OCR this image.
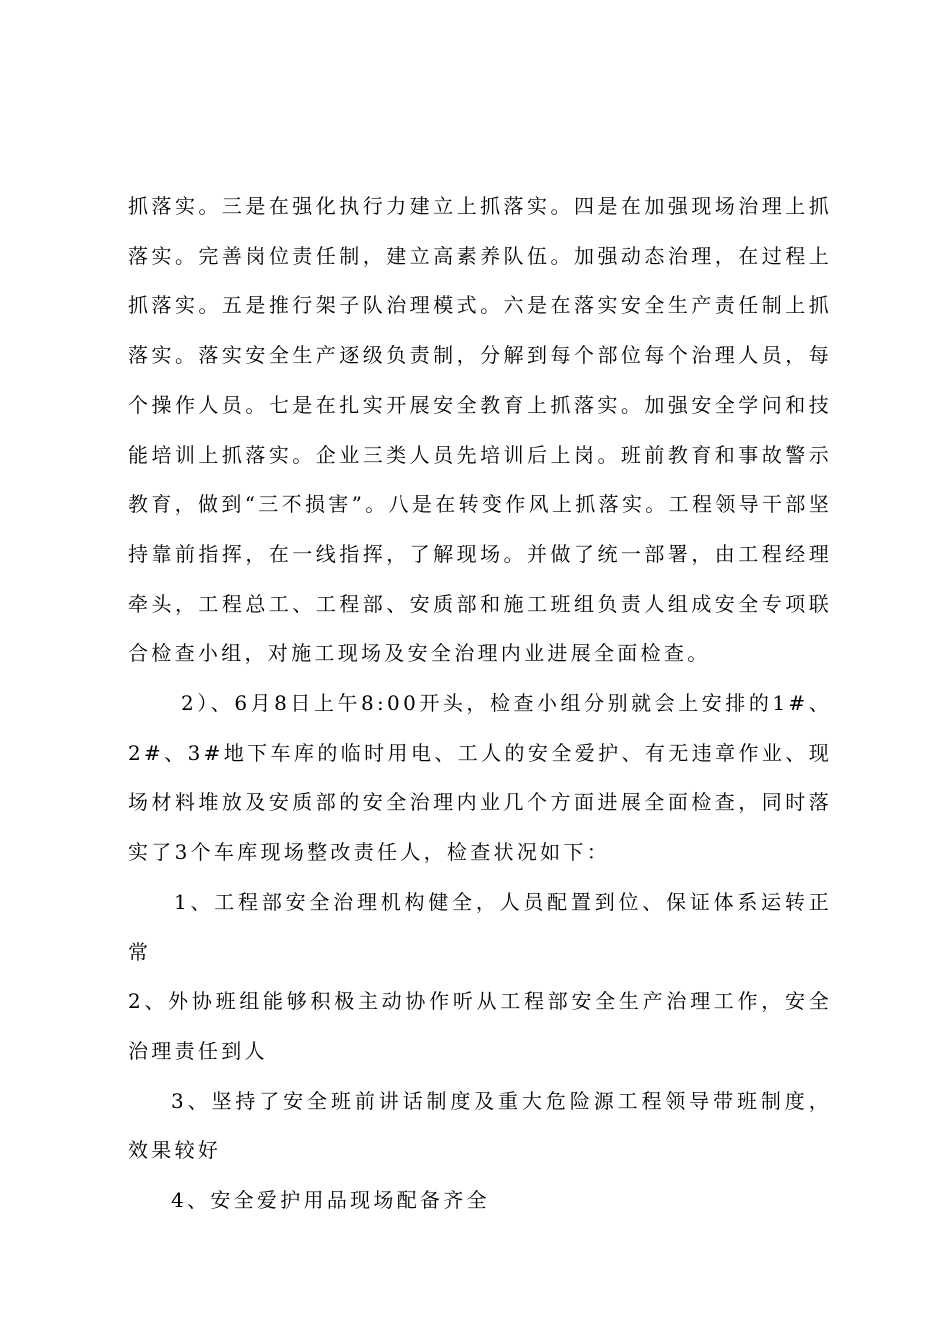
抓落实。三是在强化执行力建立上抓落实。四是在加强现场治理上抓落实。完善岗位责任制，建立高素养队伍。加强动态治理，在过程上抓落实。五是推行架子队治理模式。六是在落实安全生产责任制上抓落实。落实安全生产逐级负责制，分解到每个部位每个治理人员，每个操作人员。七是在扎实开展安全教育上抓落实。加强安全学问和技能培训上抓落实。企业三类人员先培训后上岗。班前教育和事故警示教育，做到“三不损害”。八是在转变作风上抓落实。工程领导干部坚持靠前指挥，在一线指挥，了解现场。并做了统一部署，由工程经理牵头，工程总工、工程部、安质部和施工班组负责人组成安全专项联合检查小组，对施工现场及安全治理内业进展全面检查。

2）、6月8日上午8:00开头，检查小组分别就会上安排的1#、2#、3#地下车库的临时用电、工人的安全爱护、有无违章作业、现场材料堆放及安质部的安全治理内业几个方面进展全面检查，同时落实了3个车库现场整改责任人，检查状况如下：

1、工程部安全治理机构健全，人员配置到位、保证体系运转正常

2、外协班组能够积极主动协作听从工程部安全生产治理工作，安全治理责任到人

3、坚持了安全班前讲话制度及重大危险源工程领导带班制度，效果较好

4、安全爱护用品现场配备齐全
